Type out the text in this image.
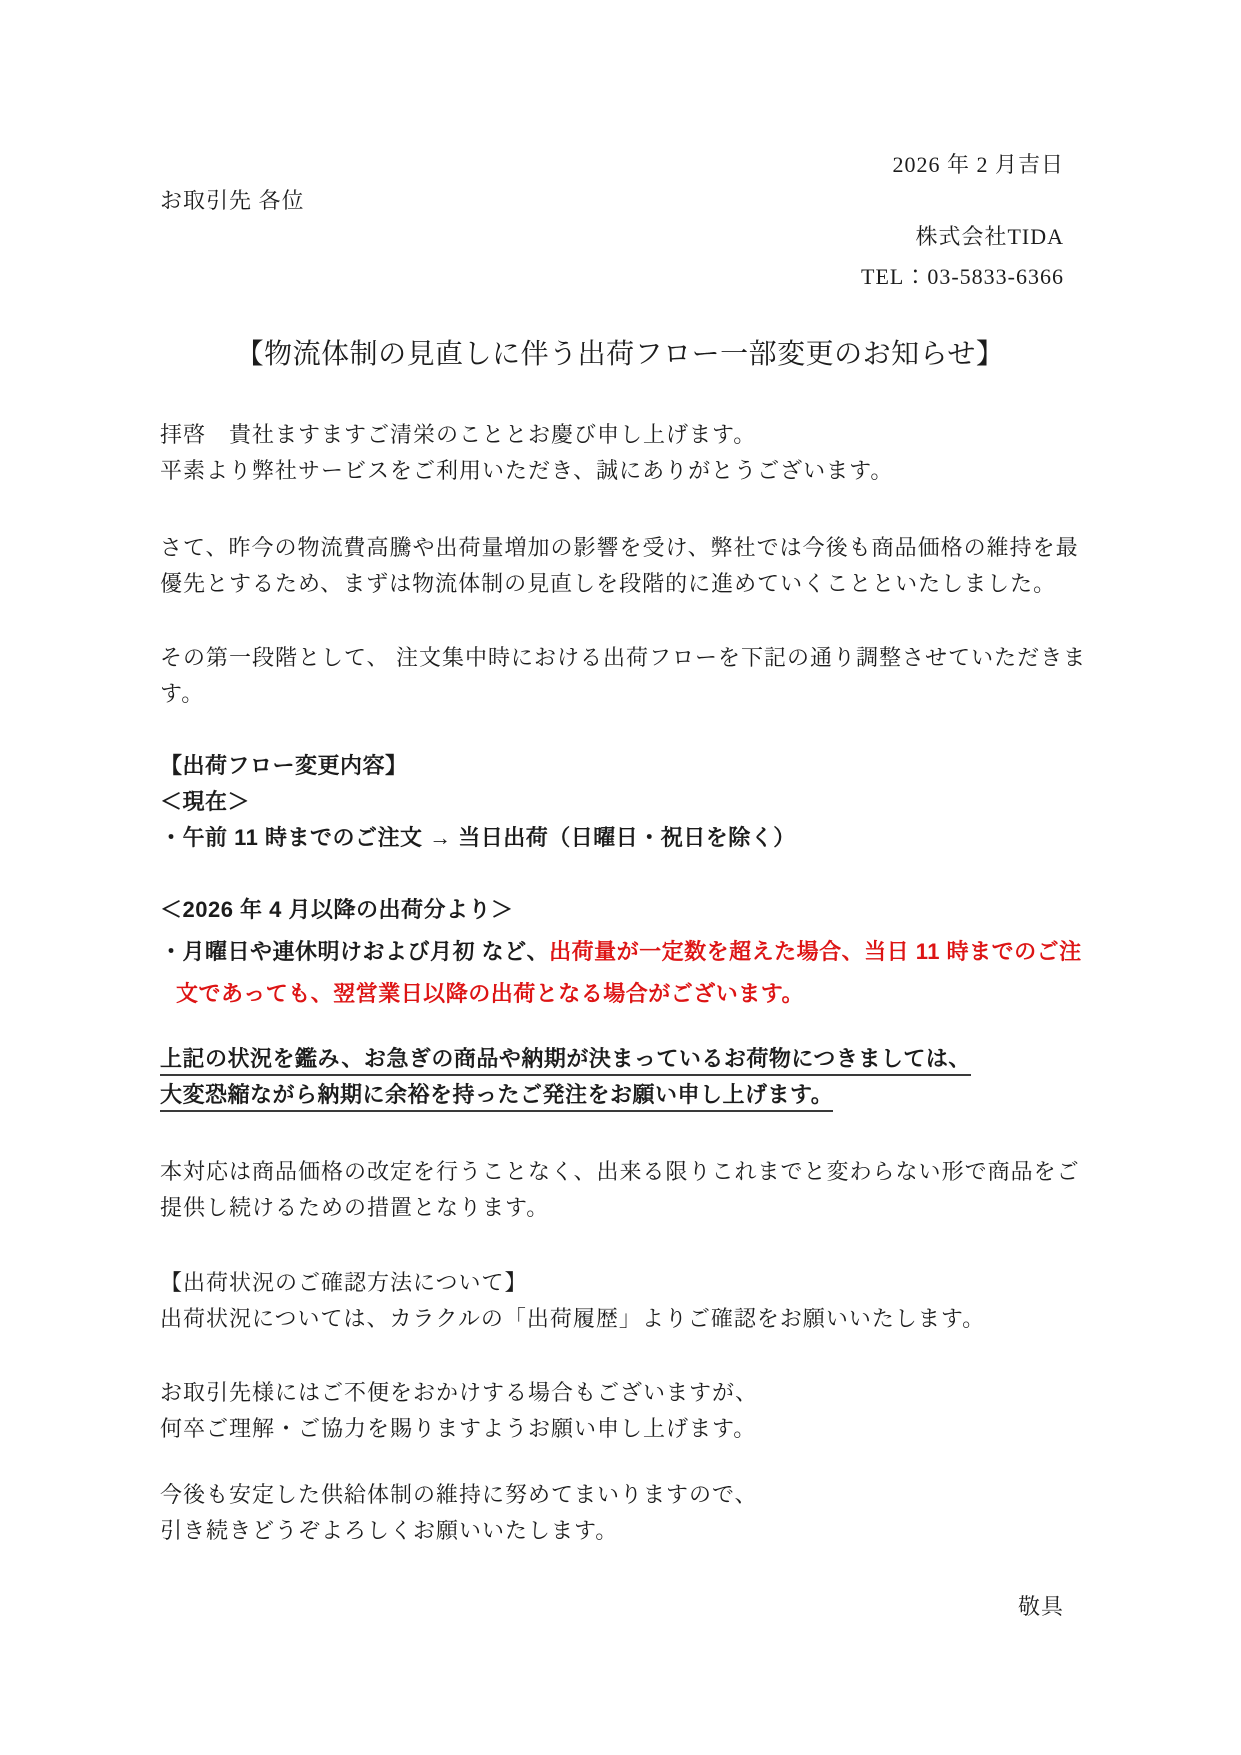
2026 年 2 月吉日
お取引先 各位
株式会社TIDA
TEL：03-5833-6366
【物流体制の見直しに伴う出荷フロー一部変更のお知らせ】
拝啓　貴社ますますご清栄のこととお慶び申し上げます。
平素より弊社サービスをご利用いただき、誠にありがとうございます。
さて、昨今の物流費高騰や出荷量増加の影響を受け、弊社では今後も商品価格の維持を最
優先とするため、まずは物流体制の見直しを段階的に進めていくことといたしました。
その第一段階として、 注文集中時における出荷フローを下記の通り調整させていただきま
す。
【出荷フロー変更内容】
＜現在＞
・午前 11 時までのご注文 → 当日出荷（日曜日・祝日を除く）
＜2026 年 4 月以降の出荷分より＞
・月曜日や連休明けおよび月初 など、出荷量が一定数を超えた場合、当日 11 時までのご注
文であっても、翌営業日以降の出荷となる場合がございます。
上記の状況を鑑み、お急ぎの商品や納期が決まっているお荷物につきましては、
大変恐縮ながら納期に余裕を持ったご発注をお願い申し上げます。
本対応は商品価格の改定を行うことなく、出来る限りこれまでと変わらない形で商品をご
提供し続けるための措置となります。
【出荷状況のご確認方法について】
出荷状況については、カラクルの「出荷履歴」よりご確認をお願いいたします。
お取引先様にはご不便をおかけする場合もございますが、
何卒ご理解・ご協力を賜りますようお願い申し上げます。
今後も安定した供給体制の維持に努めてまいりますので、
引き続きどうぞよろしくお願いいたします。
敬具
